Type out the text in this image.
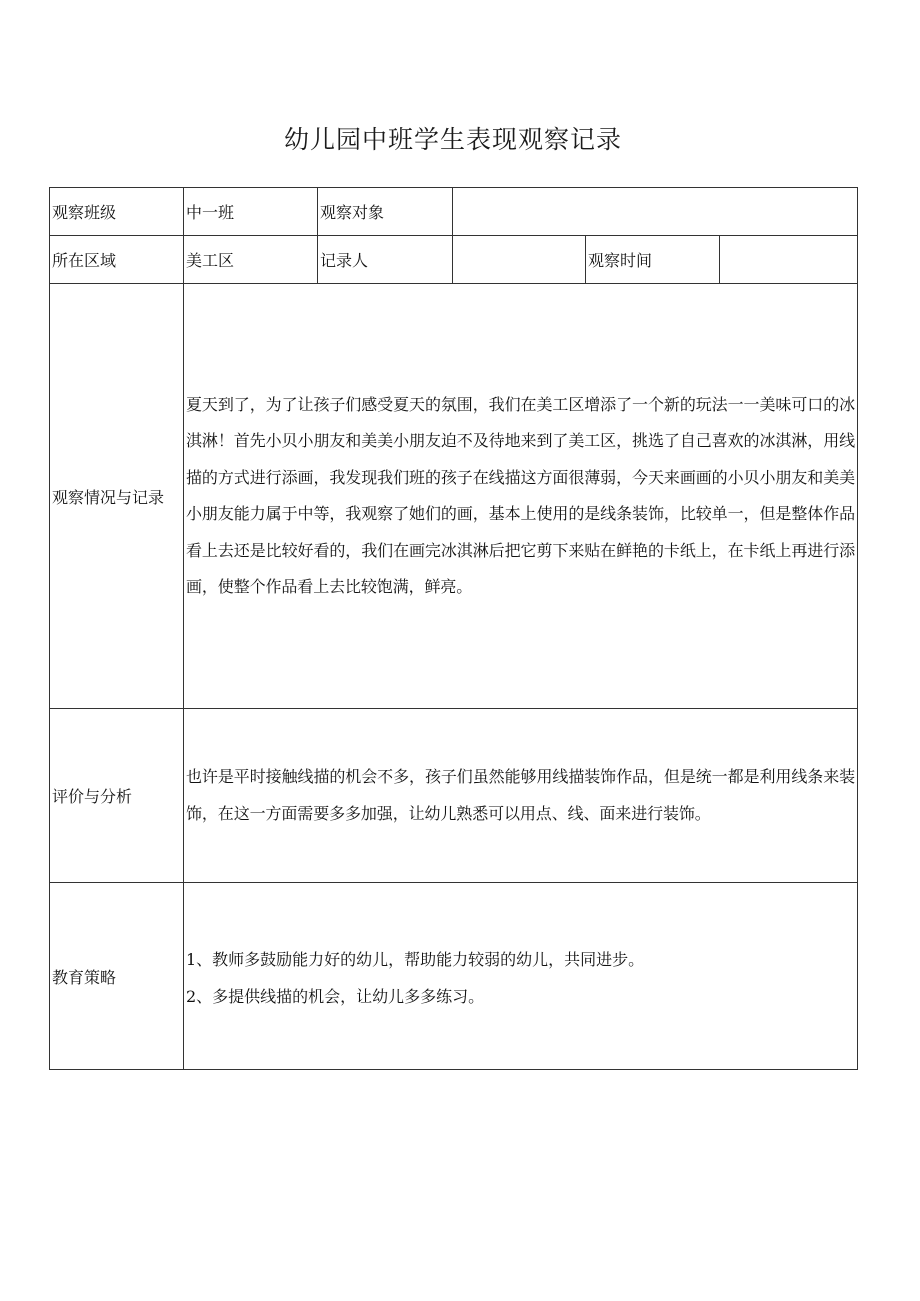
幼儿园中班学生表现观察记录
观察班级	中一班	观察对象			
所在区域	美工区	记录人		观察时间	
观察情况与记录	夏天到了，为了让孩子们感受夏天的氛围，我们在美工区增添了一个新的玩法一一美味可口的冰淇淋！首先小贝小朋友和美美小朋友迫不及待地来到了美工区，挑选了自己喜欢的冰淇淋，用线描的方式进行添画，我发现我们班的孩子在线描这方面很薄弱，今天来画画的小贝小朋友和美美小朋友能力属于中等，我观察了她们的画，基本上使用的是线条装饰，比较单一，但是整体作品看上去还是比较好看的，我们在画完冰淇淋后把它剪下来贴在鲜艳的卡纸上，在卡纸上再进行添画，使整个作品看上去比较饱满，鲜亮。				

评价与分析	也许是平时接触线描的机会不多，孩子们虽然能够用线描装饰作品，但是统一都是利用线条来装饰，在这一方面需要多多加强，让幼儿熟悉可以用点、线、面来进行装饰。				

教育策略	1、教师多鼓励能力好的幼儿，帮助能力较弱的幼儿，共同进步。
2、多提供线描的机会，让幼儿多多练习。				
